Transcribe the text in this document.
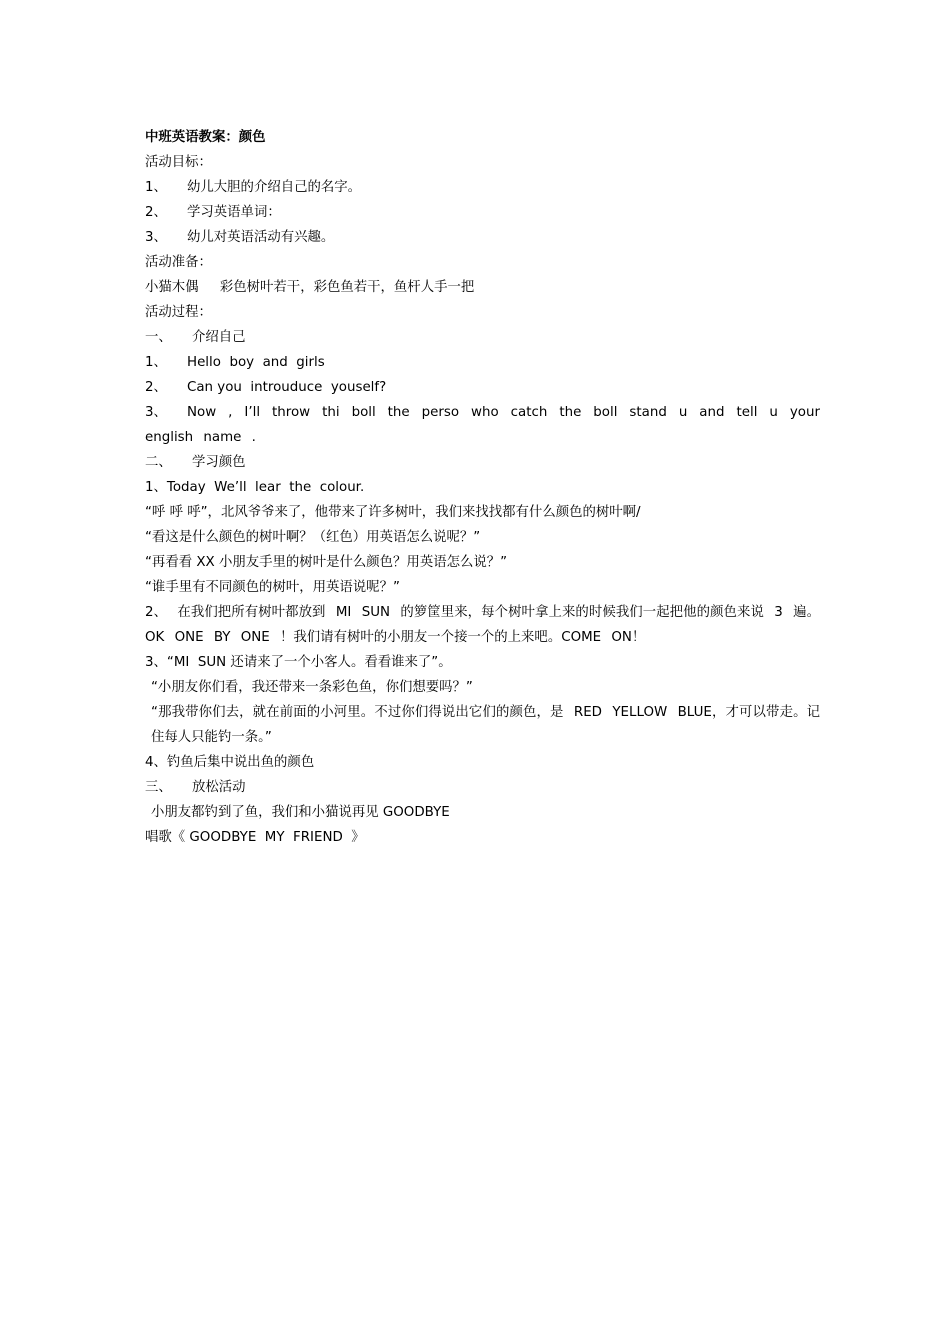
中班英语教案：颜色
活动目标：
1、 幼儿大胆的介绍自己的名字。
2、 学习英语单词：
3、 幼儿对英语活动有兴趣。
活动准备：
小猫木偶     彩色树叶若干，彩色鱼若干，鱼杆人手一把
活动过程：
一、 介绍自己
1、 Hello  boy  and  girls
2、 Can you  introuduce  youself?
3、 Now , I’ll throw thi boll the perso who catch the boll stand u and tell u your english name .
二、 学习颜色
1、Today  We’ll  lear  the  colour.
“呼 呼 呼”，北风爷爷来了，他带来了许多树叶，我们来找找都有什么颜色的树叶啊/
“看这是什么颜色的树叶啊？（红色）用英语怎么说呢？”
“再看看 XX 小朋友手里的树叶是什么颜色？用英语怎么说？”
“谁手里有不同颜色的树叶，用英语说呢？”
2、 在我们把所有树叶都放到 MI SUN 的箩筐里来，每个树叶拿上来的时候我们一起把他的颜色来说 3 遍。OK ONE BY ONE ！我们请有树叶的小朋友一个接一个的上来吧。COME ON！
3、“MI  SUN 还请来了一个小客人。看看谁来了”。
“小朋友你们看，我还带来一条彩色鱼，你们想要吗？”
“那我带你们去，就在前面的小河里。不过你们得说出它们的颜色，是 RED YELLOW BLUE，才可以带走。记住每人只能钓一条。”
4、钓鱼后集中说出鱼的颜色
三、 放松活动
小朋友都钓到了鱼，我们和小猫说再见 GOODBYE
唱歌《 GOODBYE  MY  FRIEND  》
